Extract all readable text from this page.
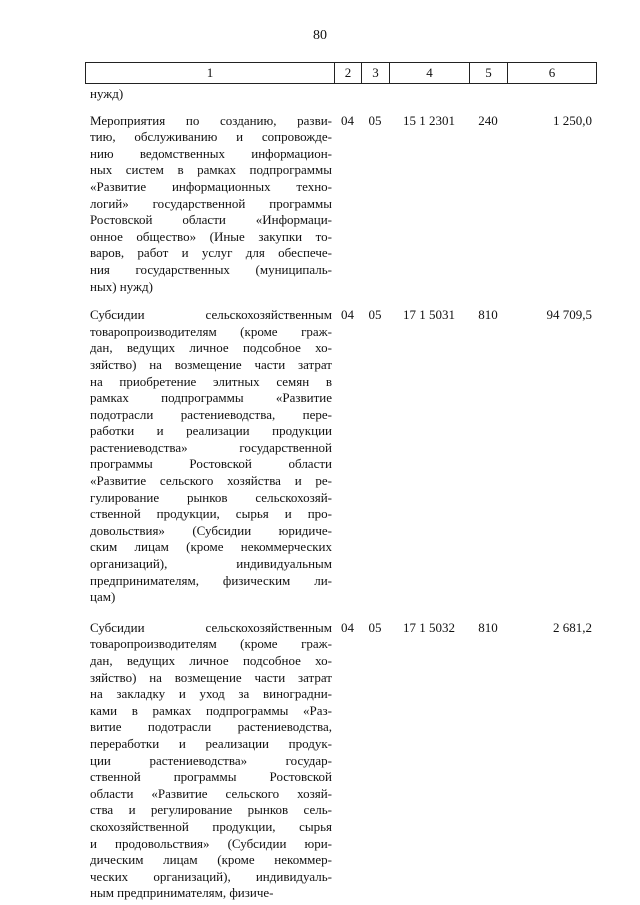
80
1	2	3	4	5	6
нужд)
Мероприятия по созданию, разви-
тию, обслуживанию и сопровожде-
нию ведомственных информацион-
ных систем в рамках подпрограммы
«Развитие информационных техно-
логий» государственной программы
Ростовской области «Информаци-
онное общество» (Иные закупки то-
варов, работ и услуг для обеспече-
ния государственных (муниципаль-
ных) нужд)
04	05	15 1 2301	240	1 250,0
Субсидии сельскохозяйственным
товаропроизводителям (кроме граж-
дан, ведущих личное подсобное хо-
зяйство) на возмещение части затрат
на приобретение элитных семян в
рамках подпрограммы «Развитие
подотрасли растениеводства, пере-
работки и реализации продукции
растениеводства» государственной
программы Ростовской области
«Развитие сельского хозяйства и ре-
гулирование рынков сельскохозяй-
ственной продукции, сырья и про-
довольствия» (Субсидии юридиче-
ским лицам (кроме некоммерческих
организаций), индивидуальным
предпринимателям, физическим ли-
цам)
04	05	17 1 5031	810	94 709,5
Субсидии сельскохозяйственным
товаропроизводителям (кроме граж-
дан, ведущих личное подсобное хо-
зяйство) на возмещение части затрат
на закладку и уход за виноградни-
ками в рамках подпрограммы «Раз-
витие подотрасли растениеводства,
переработки и реализации продук-
ции растениеводства» государ-
ственной программы Ростовской
области «Развитие сельского хозяй-
ства и регулирование рынков сель-
скохозяйственной продукции, сырья
и продовольствия» (Субсидии юри-
дическим лицам (кроме некоммер-
ческих организаций), индивидуаль-
ным предпринимателям, физиче-
04	05	17 1 5032	810	2 681,2
